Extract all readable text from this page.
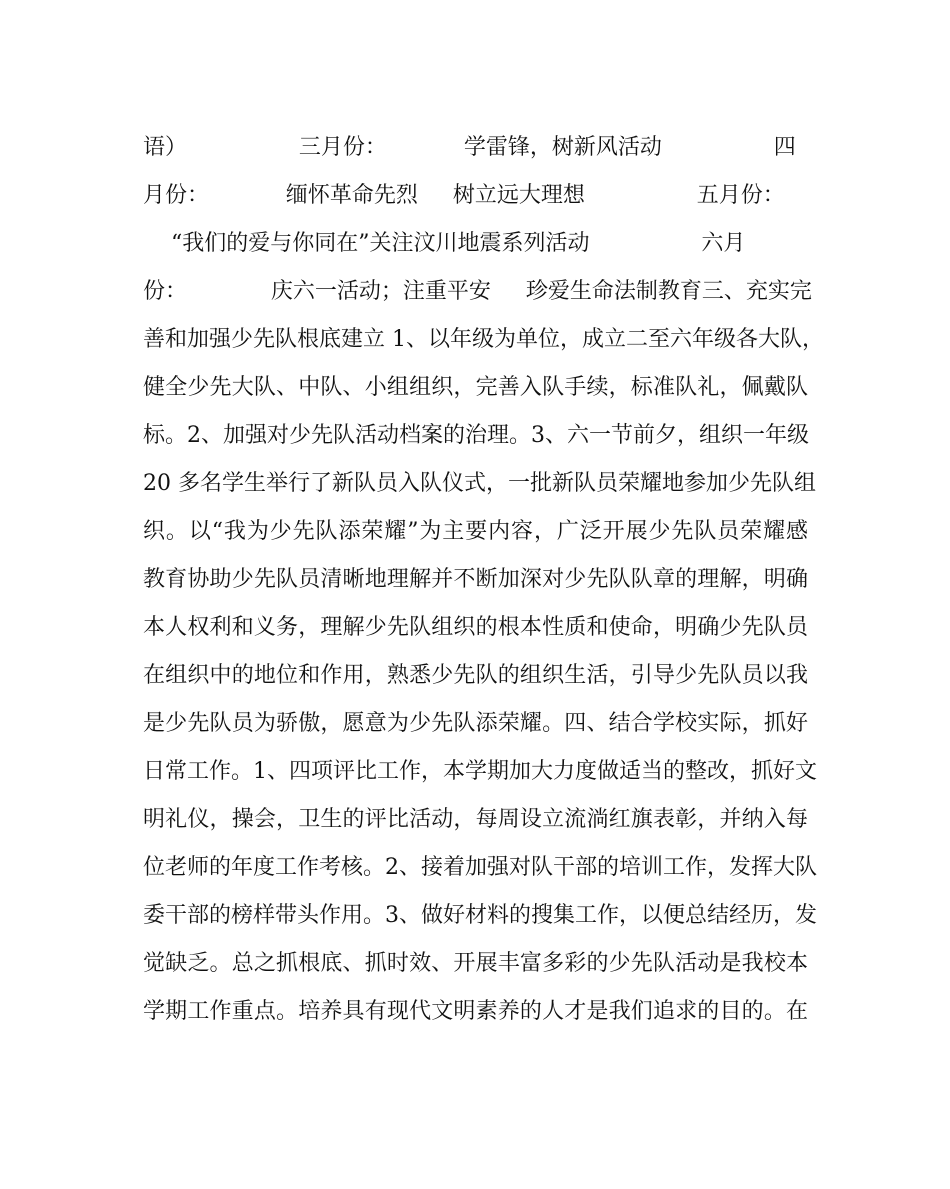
语）                三月份：           学雷锋，树新风活动                四
月份：           缅怀革命先烈     树立远大理想                五月份：
“我们的爱与你同在”关注汶川地震系列活动                六月
份：            庆六一活动；注重平安     珍爱生命法制教育三、充实完
善和加强少先队根底建立 1、以年级为单位，成立二至六年级各大队，
健全少先大队、中队、小组组织，完善入队手续，标准队礼，佩戴队
标。2、加强对少先队活动档案的治理。3、六一节前夕，组织一年级
20 多名学生举行了新队员入队仪式，一批新队员荣耀地参加少先队组
织。以“我为少先队添荣耀”为主要内容，广泛开展少先队员荣耀感
教育协助少先队员清晰地理解并不断加深对少先队队章的理解，明确
本人权利和义务，理解少先队组织的根本性质和使命，明确少先队员
在组织中的地位和作用，熟悉少先队的组织生活，引导少先队员以我
是少先队员为骄傲，愿意为少先队添荣耀。四、结合学校实际，抓好
日常工作。1、四项评比工作，本学期加大力度做适当的整改，抓好文
明礼仪，操会，卫生的评比活动，每周设立流淌红旗表彰，并纳入每
位老师的年度工作考核。2、接着加强对队干部的培训工作，发挥大队
委干部的榜样带头作用。3、做好材料的搜集工作，以便总结经历，发
觉缺乏。总之抓根底、抓时效、开展丰富多彩的少先队活动是我校本
学期工作重点。培养具有现代文明素养的人才是我们追求的目的。在
